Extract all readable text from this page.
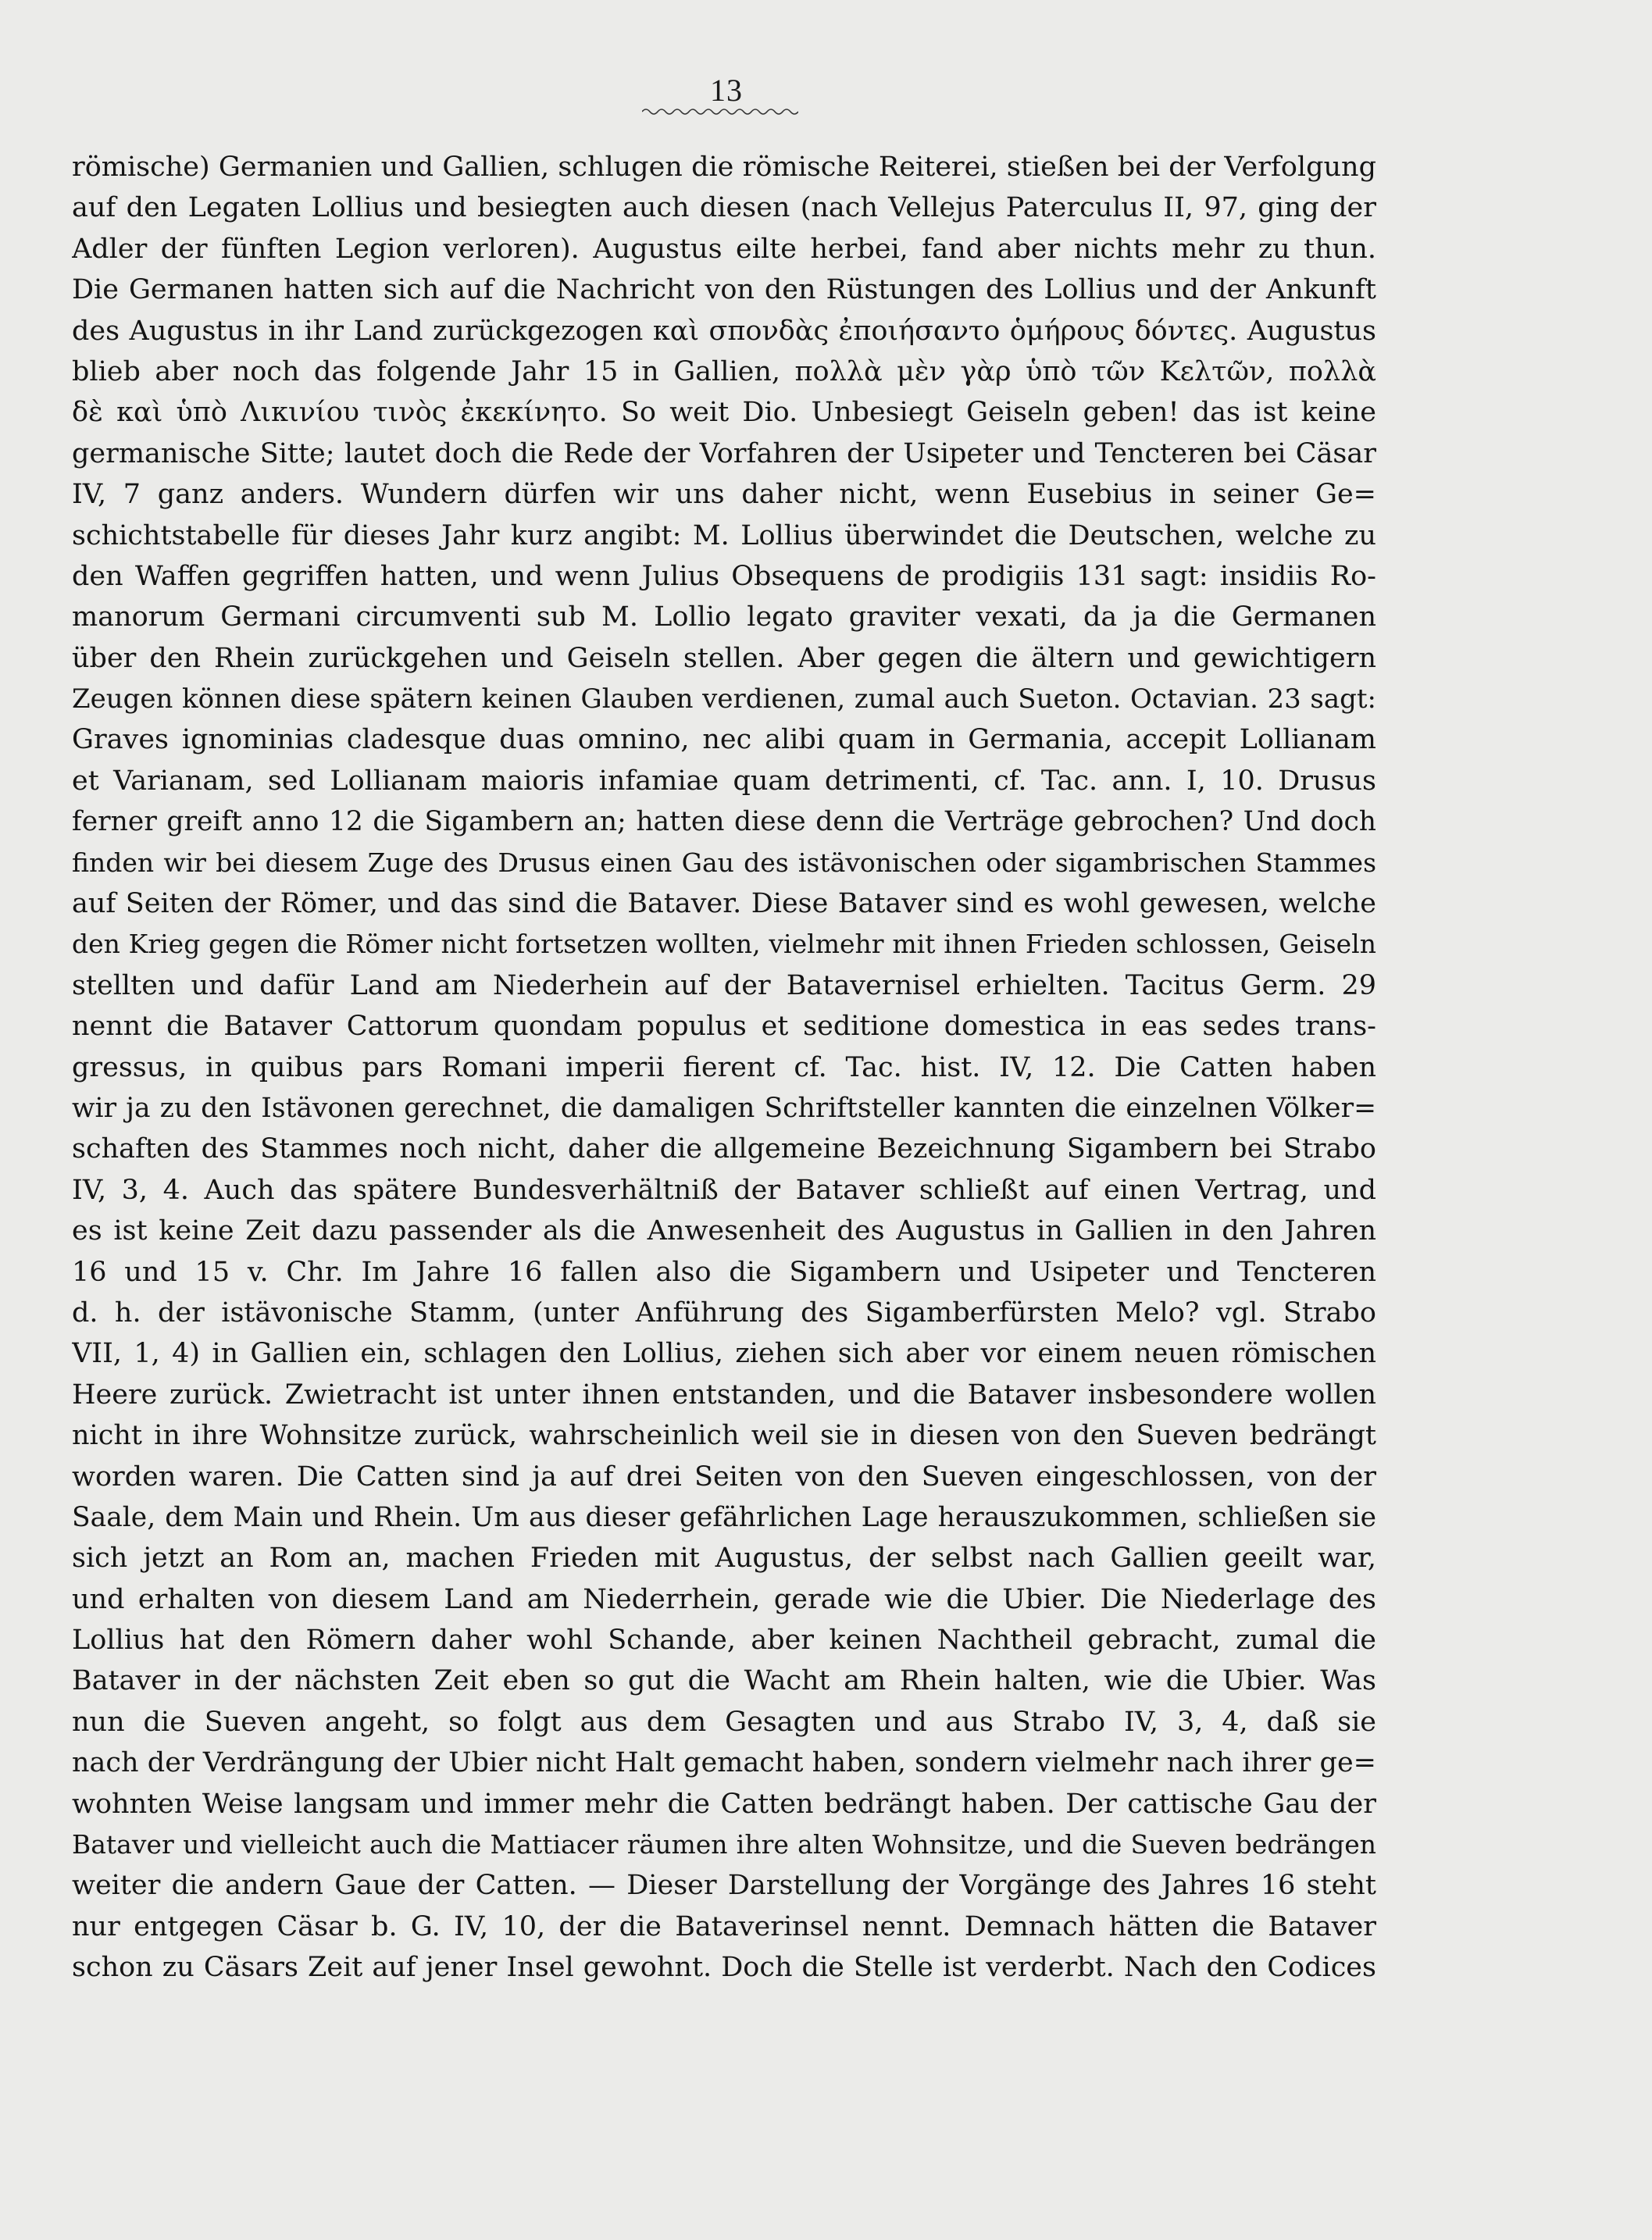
13
römische) Germanien und Gallien, schlugen die römische Reiterei, stießen bei der Verfolgung
auf den Legaten Lollius und besiegten auch diesen (nach Vellejus Paterculus II, 97, ging der
Adler der fünften Legion verloren). Augustus eilte herbei, fand aber nichts mehr zu thun.
Die Germanen hatten sich auf die Nachricht von den Rüstungen des Lollius und der Ankunft
des Augustus in ihr Land zurückgezogen καὶ σπονδὰς ἐποιήσαντο ὁμήρους δόντες. Augustus
blieb aber noch das folgende Jahr 15 in Gallien, πολλὰ μὲν γὰρ ὑπὸ τῶν Κελτῶν, πολλὰ
δὲ καὶ ὑπὸ Λικινίου τινὸς ἐκεκίνητο. So weit Dio. Unbesiegt Geiseln geben! das ist keine
germanische Sitte; lautet doch die Rede der Vorfahren der Usipeter und Tencteren bei Cäsar
IV, 7 ganz anders. Wundern dürfen wir uns daher nicht, wenn Eusebius in seiner Ge=
schichtstabelle für dieses Jahr kurz angibt: M. Lollius überwindet die Deutschen, welche zu
den Waffen gegriffen hatten, und wenn Julius Obsequens de prodigiis 131 sagt: insidiis Ro-
manorum Germani circumventi sub M. Lollio legato graviter vexati, da ja die Germanen
über den Rhein zurückgehen und Geiseln stellen. Aber gegen die ältern und gewichtigern
Zeugen können diese spätern keinen Glauben verdienen, zumal auch Sueton. Octavian. 23 sagt:
Graves ignominias cladesque duas omnino, nec alibi quam in Germania, accepit Lollianam
et Varianam, sed Lollianam maioris infamiae quam detrimenti, cf. Tac. ann. I, 10. Drusus
ferner greift anno 12 die Sigambern an; hatten diese denn die Verträge gebrochen? Und doch
finden wir bei diesem Zuge des Drusus einen Gau des istävonischen oder sigambrischen Stammes
auf Seiten der Römer, und das sind die Bataver. Diese Bataver sind es wohl gewesen, welche
den Krieg gegen die Römer nicht fortsetzen wollten, vielmehr mit ihnen Frieden schlossen, Geiseln
stellten und dafür Land am Niederhein auf der Batavernisel erhielten. Tacitus Germ. 29
nennt die Bataver Cattorum quondam populus et seditione domestica in eas sedes trans-
gressus, in quibus pars Romani imperii fierent cf. Tac. hist. IV, 12. Die Catten haben
wir ja zu den Istävonen gerechnet, die damaligen Schriftsteller kannten die einzelnen Völker=
schaften des Stammes noch nicht, daher die allgemeine Bezeichnung Sigambern bei Strabo
IV, 3, 4. Auch das spätere Bundesverhältniß der Bataver schließt auf einen Vertrag, und
es ist keine Zeit dazu passender als die Anwesenheit des Augustus in Gallien in den Jahren
16 und 15 v. Chr. Im Jahre 16 fallen also die Sigambern und Usipeter und Tencteren
d. h. der istävonische Stamm, (unter Anführung des Sigamberfürsten Melo? vgl. Strabo
VII, 1, 4) in Gallien ein, schlagen den Lollius, ziehen sich aber vor einem neuen römischen
Heere zurück. Zwietracht ist unter ihnen entstanden, und die Bataver insbesondere wollen
nicht in ihre Wohnsitze zurück, wahrscheinlich weil sie in diesen von den Sueven bedrängt
worden waren. Die Catten sind ja auf drei Seiten von den Sueven eingeschlossen, von der
Saale, dem Main und Rhein. Um aus dieser gefährlichen Lage herauszukommen, schließen sie
sich jetzt an Rom an, machen Frieden mit Augustus, der selbst nach Gallien geeilt war,
und erhalten von diesem Land am Niederrhein, gerade wie die Ubier. Die Niederlage des
Lollius hat den Römern daher wohl Schande, aber keinen Nachtheil gebracht, zumal die
Bataver in der nächsten Zeit eben so gut die Wacht am Rhein halten, wie die Ubier. Was
nun die Sueven angeht, so folgt aus dem Gesagten und aus Strabo IV, 3, 4, daß sie
nach der Verdrängung der Ubier nicht Halt gemacht haben, sondern vielmehr nach ihrer ge=
wohnten Weise langsam und immer mehr die Catten bedrängt haben. Der cattische Gau der
Bataver und vielleicht auch die Mattiacer räumen ihre alten Wohnsitze, und die Sueven bedrängen
weiter die andern Gaue der Catten. — Dieser Darstellung der Vorgänge des Jahres 16 steht
nur entgegen Cäsar b. G. IV, 10, der die Bataverinsel nennt. Demnach hätten die Bataver
schon zu Cäsars Zeit auf jener Insel gewohnt. Doch die Stelle ist verderbt. Nach den Codices
